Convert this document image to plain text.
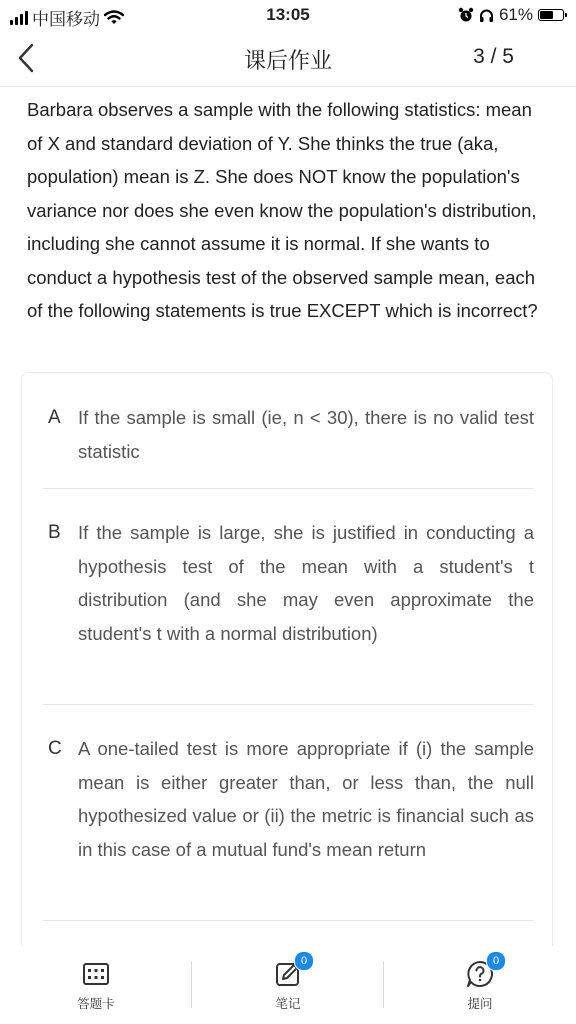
中国移动	13:05	61%
课后作业	3 / 5
Barbara observes a sample with the following statistics: mean of X and standard deviation of Y. She thinks the true (aka, population) mean is Z. She does NOT know the population's variance nor does she even know the population's distribution, including she cannot assume it is normal. If she wants to conduct a hypothesis test of the observed sample mean, each of the following statements is true EXCEPT which is incorrect?
A If the sample is small (ie, n < 30), there is no valid test statistic
B If the sample is large, she is justified in conducting a hypothesis test of the mean with a student's t distribution (and she may even approximate the student's t with a normal distribution)
C A one-tailed test is more appropriate if (i) the sample mean is either greater than, or less than, the null hypothesized value or (ii) the metric is financial such as in this case of a mutual fund's mean return
答题卡
0
笔记
0
提问
